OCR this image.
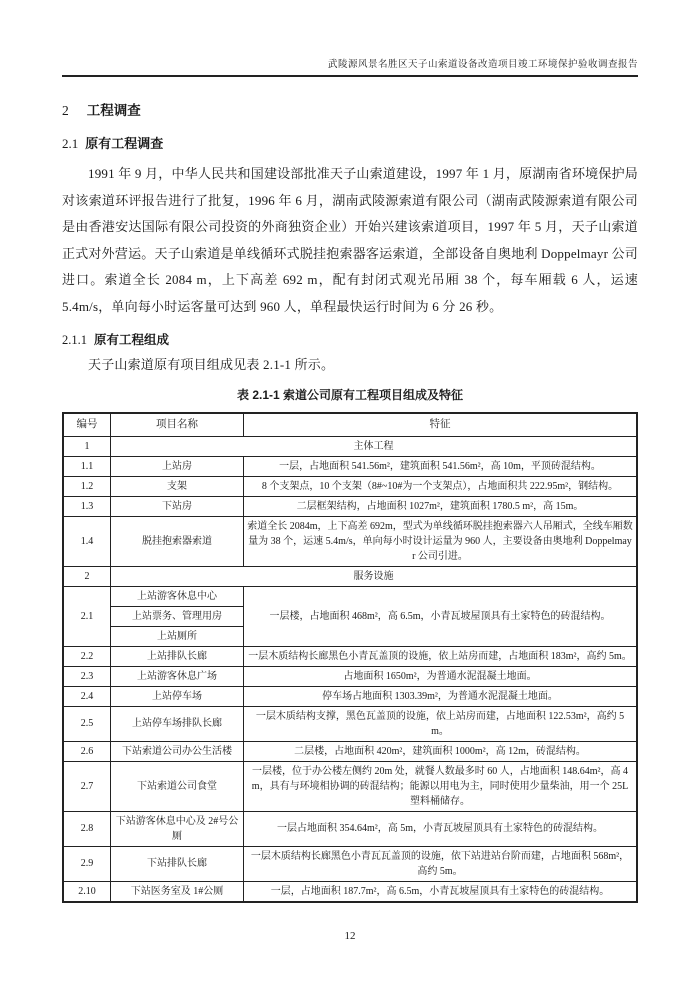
武陵源风景名胜区天子山索道设备改造项目竣工环境保护验收调查报告
2 工程调查
2.1 原有工程调查
1991 年 9 月，中华人民共和国建设部批准天子山索道建设，1997 年 1 月，原湖南省环境保护局对该索道环评报告进行了批复，1996 年 6 月，湖南武陵源索道有限公司（湖南武陵源索道有限公司是由香港安达国际有限公司投资的外商独资企业）开始兴建该索道项目，1997 年 5 月，天子山索道正式对外营运。天子山索道是单线循环式脱挂抱索器客运索道，全部设备自奥地利 Doppelmayr 公司进口。索道全长 2084 m，上下高差 692 m，配有封闭式观光吊厢 38 个，每车厢载 6 人，运速 5.4m/s，单向每小时运客量可达到 960 人，单程最快运行时间为 6 分 26 秒。
2.1.1 原有工程组成
天子山索道原有项目组成见表 2.1-1 所示。
表 2.1-1 索道公司原有工程项目组成及特征
编号	项目名称	特征
1	主体工程	
1.1	上站房	一层，占地面积 541.56m²，建筑面积 541.56m²，高 10m，平顶砖混结构。
1.2	支架	8 个支架点，10 个支架（8#~10#为一个支架点），占地面积共 222.95m²，钢结构。
1.3	下站房	二层框架结构，占地面积 1027m²，建筑面积 1780.5 m²，高 15m。
1.4	脱挂抱索器索道	索道全长 2084m，上下高差 692m，型式为单线循环脱挂抱索器六人吊厢式，全线车厢数量为 38 个，运速 5.4m/s，单向每小时设计运量为 960 人，主要设备由奥地利 Doppelmayr 公司引进。
2	服务设施	
2.1	上站游客休息中心	一层楼，占地面积 468m²，高 6.5m，小青瓦坡屋顶具有土家特色的砖混结构。
	上站票务、管理用房	
	上站厕所	
2.2	上站排队长廊	一层木质结构长廊黑色小青瓦盖顶的设施，依上站房而建，占地面积 183m²，高约 5m。
2.3	上站游客休息广场	占地面积 1650m²，为普通水泥混凝土地面。
2.4	上站停车场	停车场占地面积 1303.39m²，为普通水泥混凝土地面。
2.5	上站停车场排队长廊	一层木质结构支撑，黑色瓦盖顶的设施，依上站房而建，占地面积 122.53m²，高约 5m。
2.6	下站索道公司办公生活楼	二层楼，占地面积 420m²，建筑面积 1000m²，高 12m，砖混结构。
2.7	下站索道公司食堂	一层楼，位于办公楼左侧约 20m 处，就餐人数最多时 60 人，占地面积 148.64m²，高 4m，具有与环境相协调的砖混结构；能源以用电为主，同时使用少量柴油，用一个 25L 塑料桶储存。
2.8	下站游客休息中心及 2#号公厕	一层占地面积 354.64m²，高 5m，小青瓦坡屋顶具有土家特色的砖混结构。
2.9	下站排队长廊	一层木质结构长廊黑色小青瓦瓦盖顶的设施，依下站进站台阶而建，占地面积 568m²，高约 5m。
2.10	下站医务室及 1#公厕	一层，占地面积 187.7m²，高 6.5m，小青瓦坡屋顶具有土家特色的砖混结构。
12
